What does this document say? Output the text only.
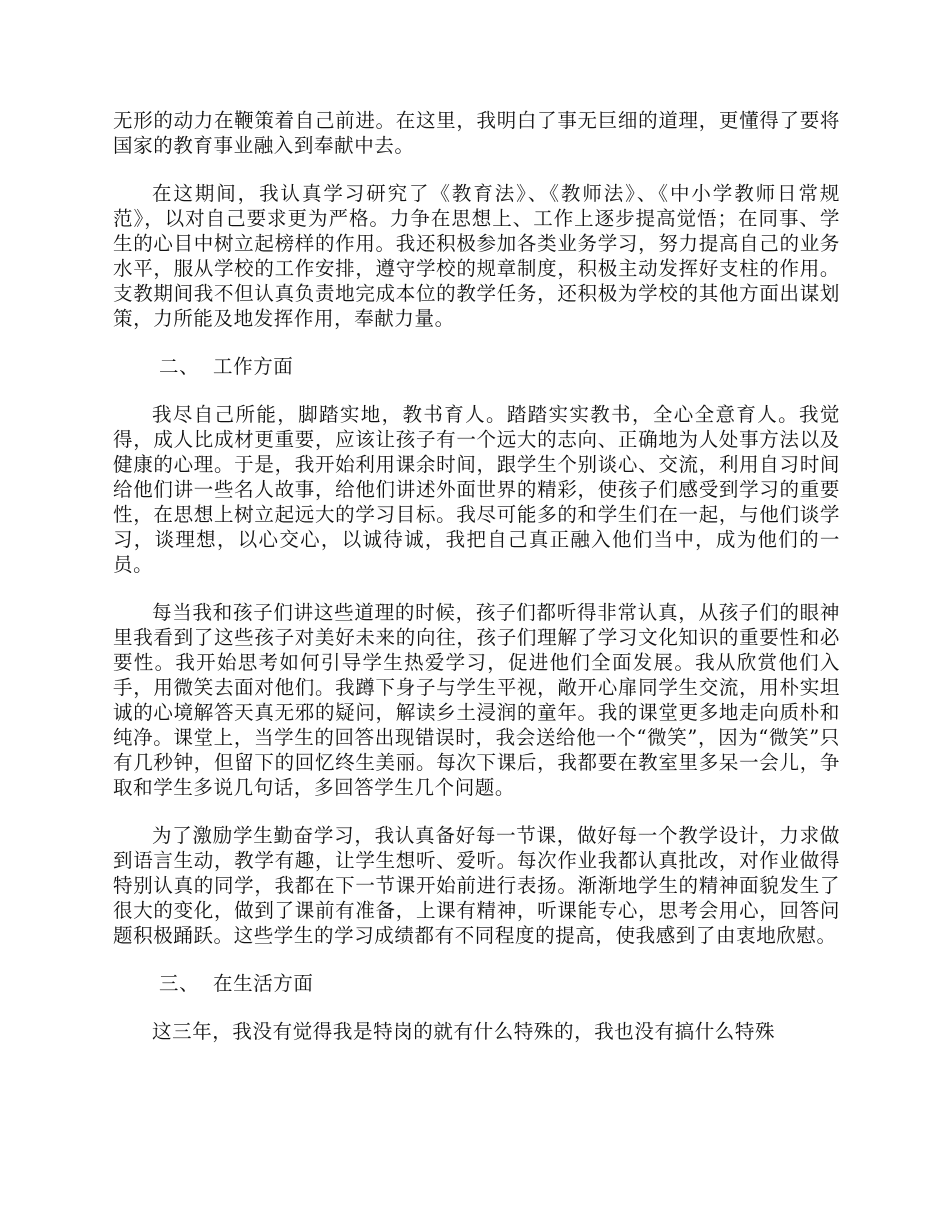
无形的动力在鞭策着自己前进。在这里，我明白了事无巨细的道理，更懂得了要将国家的教育事业融入到奉献中去。

在这期间，我认真学习研究了《教育法》、《教师法》、《中小学教师日常规范》，以对自己要求更为严格。力争在思想上、工作上逐步提高觉悟；在同事、学生的心目中树立起榜样的作用。我还积极参加各类业务学习，努力提高自己的业务水平，服从学校的工作安排，遵守学校的规章制度，积极主动发挥好支柱的作用。支教期间我不但认真负责地完成本位的教学任务，还积极为学校的其他方面出谋划策，力所能及地发挥作用，奉献力量。

二、 工作方面

我尽自己所能，脚踏实地，教书育人。踏踏实实教书，全心全意育人。我觉得，成人比成材更重要，应该让孩子有一个远大的志向、正确地为人处事方法以及健康的心理。于是，我开始利用课余时间，跟学生个别谈心、交流，利用自习时间给他们讲一些名人故事，给他们讲述外面世界的精彩，使孩子们感受到学习的重要性，在思想上树立起远大的学习目标。我尽可能多的和学生们在一起，与他们谈学习，谈理想，以心交心，以诚待诚，我把自己真正融入他们当中，成为他们的一员。

每当我和孩子们讲这些道理的时候，孩子们都听得非常认真，从孩子们的眼神里我看到了这些孩子对美好未来的向往，孩子们理解了学习文化知识的重要性和必要性。我开始思考如何引导学生热爱学习，促进他们全面发展。我从欣赏他们入手，用微笑去面对他们。我蹲下身子与学生平视，敞开心扉同学生交流，用朴实坦诚的心境解答天真无邪的疑问，解读乡土浸润的童年。我的课堂更多地走向质朴和纯净。课堂上，当学生的回答出现错误时，我会送给他一个“微笑”，因为“微笑”只有几秒钟，但留下的回忆终生美丽。每次下课后，我都要在教室里多呆一会儿，争取和学生多说几句话，多回答学生几个问题。

为了激励学生勤奋学习，我认真备好每一节课，做好每一个教学设计，力求做到语言生动，教学有趣，让学生想听、爱听。每次作业我都认真批改，对作业做得特别认真的同学，我都在下一节课开始前进行表扬。渐渐地学生的精神面貌发生了很大的变化，做到了课前有准备，上课有精神，听课能专心，思考会用心，回答问题积极踊跃。这些学生的学习成绩都有不同程度的提高，使我感到了由衷地欣慰。

三、 在生活方面

这三年，我没有觉得我是特岗的就有什么特殊的，我也没有搞什么特殊
